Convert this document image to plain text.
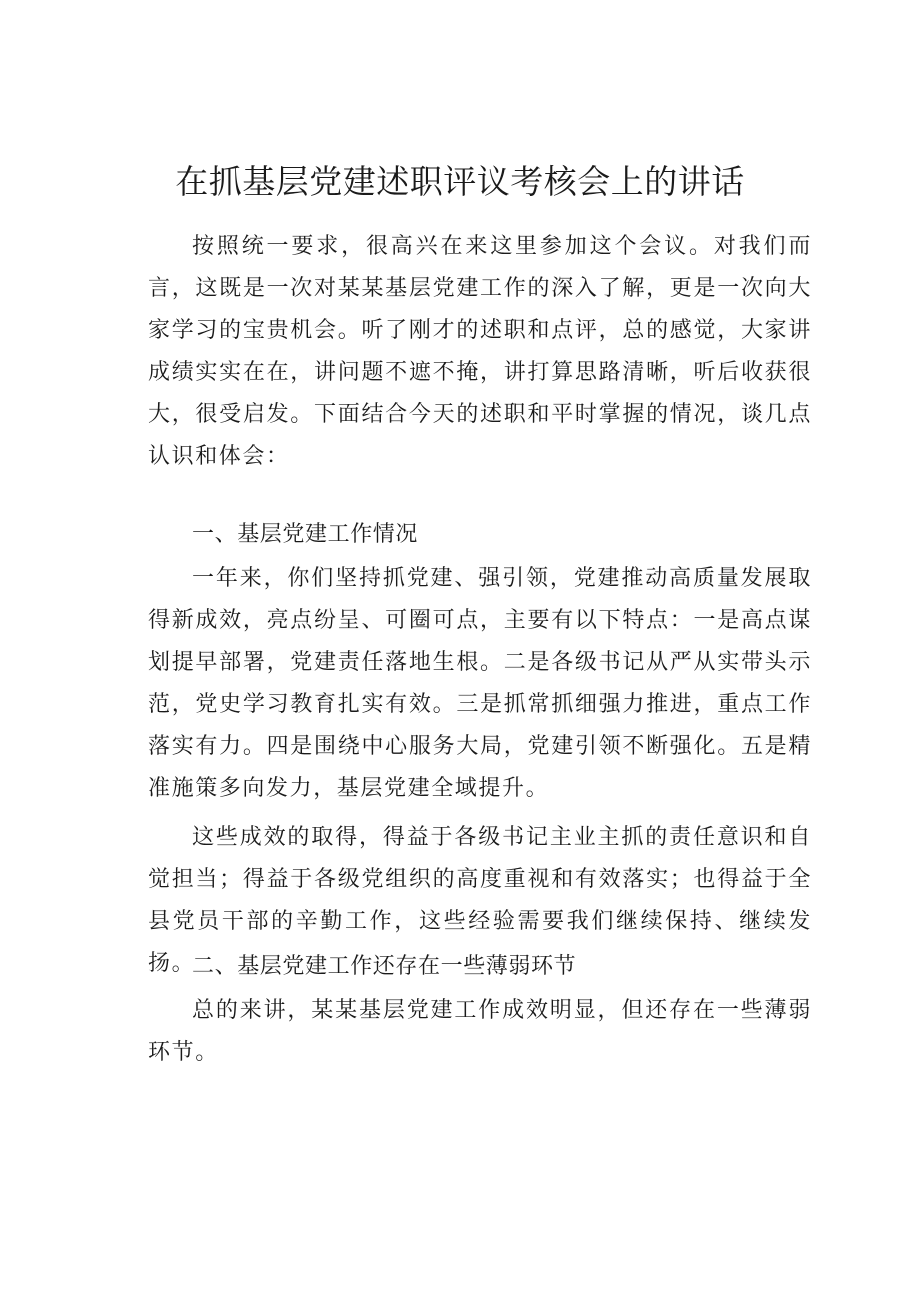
在抓基层党建述职评议考核会上的讲话

按照统一要求，很高兴在来这里参加这个会议。对我们而言，这既是一次对某某基层党建工作的深入了解，更是一次向大家学习的宝贵机会。听了刚才的述职和点评，总的感觉，大家讲成绩实实在在，讲问题不遮不掩，讲打算思路清晰，听后收获很大，很受启发。下面结合今天的述职和平时掌握的情况，谈几点认识和体会：

一、基层党建工作情况

一年来，你们坚持抓党建、强引领，党建推动高质量发展取得新成效，亮点纷呈、可圈可点，主要有以下特点：一是高点谋划提早部署，党建责任落地生根。二是各级书记从严从实带头示范，党史学习教育扎实有效。三是抓常抓细强力推进，重点工作落实有力。四是围绕中心服务大局，党建引领不断强化。五是精准施策多向发力，基层党建全域提升。

这些成效的取得，得益于各级书记主业主抓的责任意识和自觉担当；得益于各级党组织的高度重视和有效落实；也得益于全县党员干部的辛勤工作，这些经验需要我们继续保持、继续发扬。

二、基层党建工作还存在一些薄弱环节

总的来讲，某某基层党建工作成效明显，但还存在一些薄弱环节。
